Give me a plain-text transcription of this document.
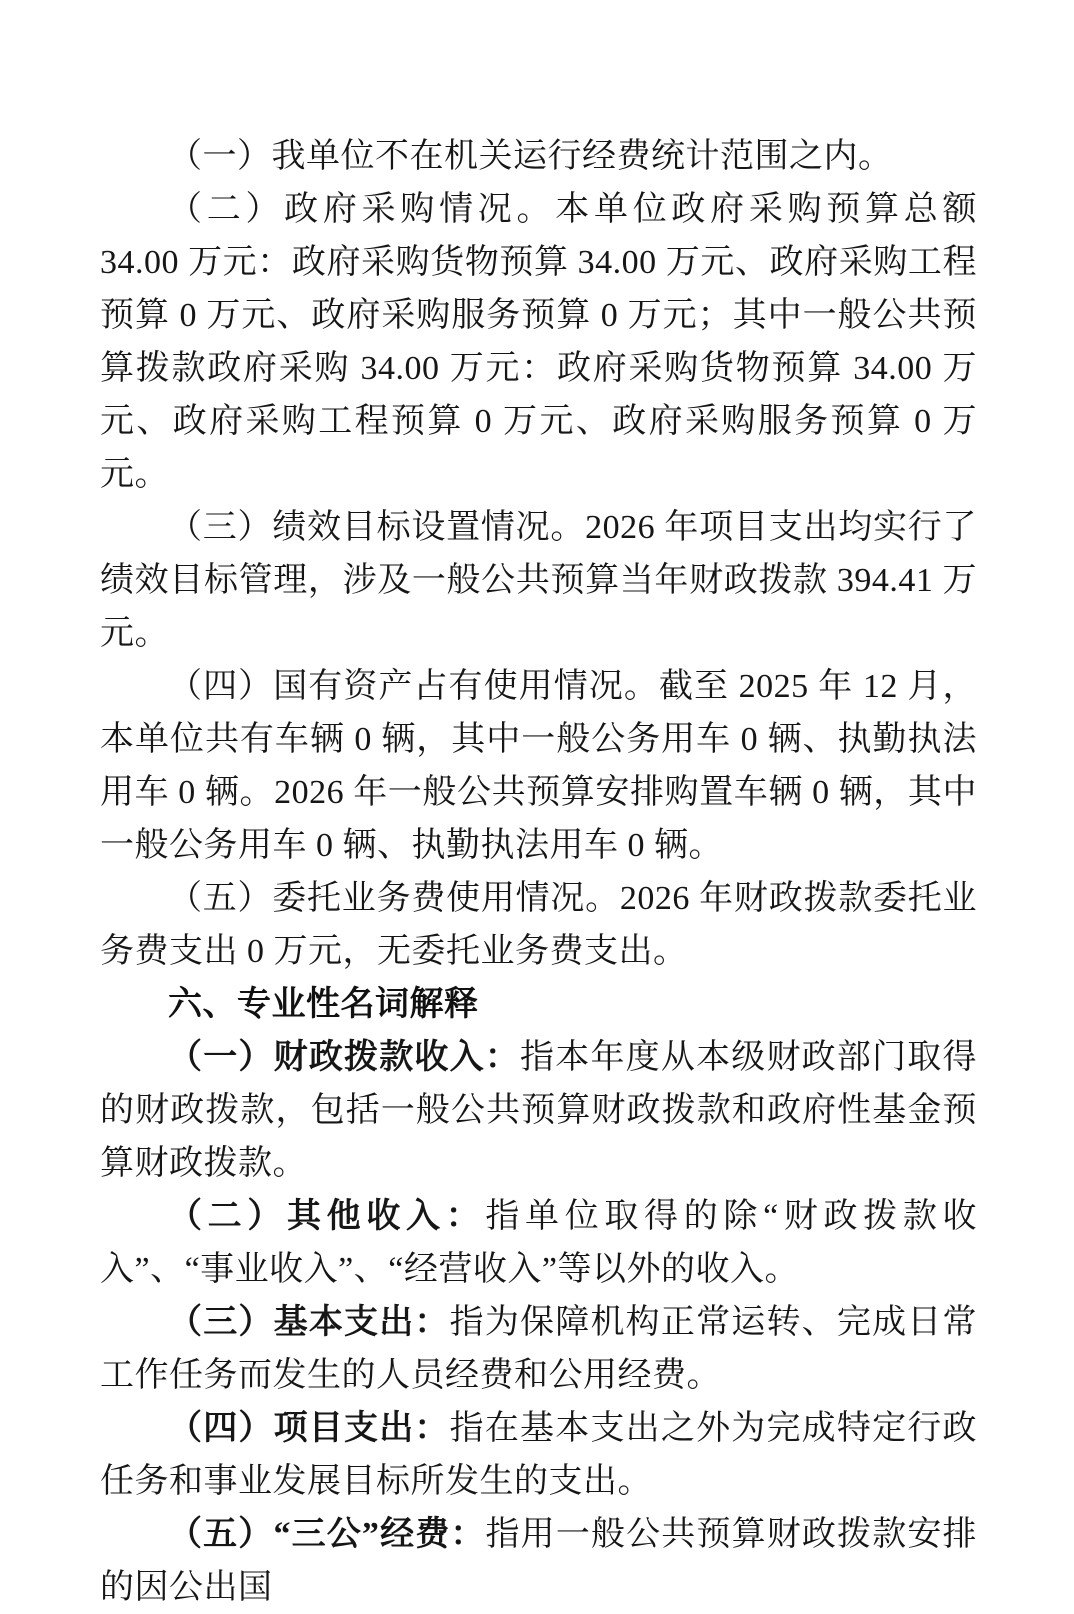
（一）我单位不在机关运行经费统计范围之内。

（二）政府采购情况。本单位政府采购预算总额 34.00 万元：政府采购货物预算 34.00 万元、政府采购工程预算 0 万元、政府采购服务预算 0 万元；其中一般公共预算拨款政府采购 34.00 万元：政府采购货物预算 34.00 万元、政府采购工程预算 0 万元、政府采购服务预算 0 万元。

（三）绩效目标设置情况。2026 年项目支出均实行了绩效目标管理，涉及一般公共预算当年财政拨款 394.41 万元。

（四）国有资产占有使用情况。截至 2025 年 12 月，本单位共有车辆 0 辆，其中一般公务用车 0 辆、执勤执法用车 0 辆。2026 年一般公共预算安排购置车辆 0 辆，其中一般公务用车 0 辆、执勤执法用车 0 辆。

（五）委托业务费使用情况。2026 年财政拨款委托业务费支出 0 万元，无委托业务费支出。

六、专业性名词解释

（一）财政拨款收入：指本年度从本级财政部门取得的财政拨款，包括一般公共预算财政拨款和政府性基金预算财政拨款。

（二）其他收入：指单位取得的除“财政拨款收入”、“事业收入”、“经营收入”等以外的收入。

（三）基本支出：指为保障机构正常运转、完成日常工作任务而发生的人员经费和公用经费。

（四）项目支出：指在基本支出之外为完成特定行政任务和事业发展目标所发生的支出。

（五）“三公”经费：指用一般公共预算财政拨款安排的因公出国
